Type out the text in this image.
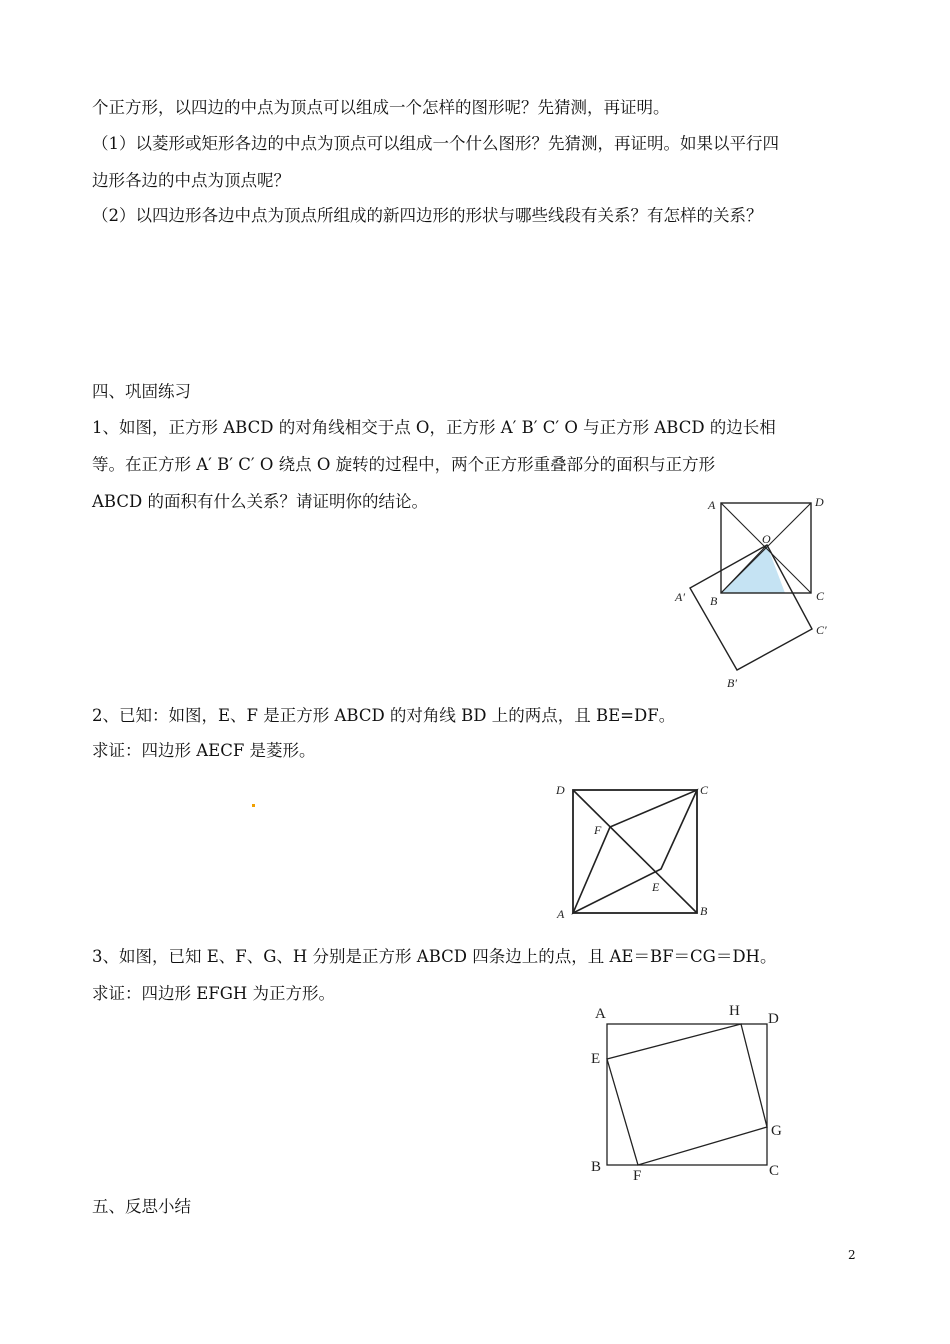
个正方形，以四边的中点为顶点可以组成一个怎样的图形呢？先猜测，再证明。
（1）以菱形或矩形各边的中点为顶点可以组成一个什么图形？先猜测，再证明。如果以平行四
边形各边的中点为顶点呢？
（2）以四边形各边中点为顶点所组成的新四边形的形状与哪些线段有关系？有怎样的关系？
四、巩固练习
1、如图，正方形 ABCD 的对角线相交于点 O，正方形 A′ B′ C′ O 与正方形 ABCD 的边长相
等。在正方形 A′ B′ C′ O 绕点 O 旋转的过程中，两个正方形重叠部分的面积与正方形
ABCD 的面积有什么关系？请证明你的结论。	A	D
O
B	C
A′
C′
B′
2、已知：如图，E、F 是正方形 ABCD 的对角线 BD 上的两点，且 BE=DF。
求证：四边形 AECF 是菱形。
D	C
F
E
A	B
3、如图，已知 E、F、G、H 分别是正方形 ABCD 四条边上的点，且 AE＝BF＝CG＝DH。
求证：四边形 EFGH 为正方形。
A	H D
E
G
B
F	C
五、反思小结
2
